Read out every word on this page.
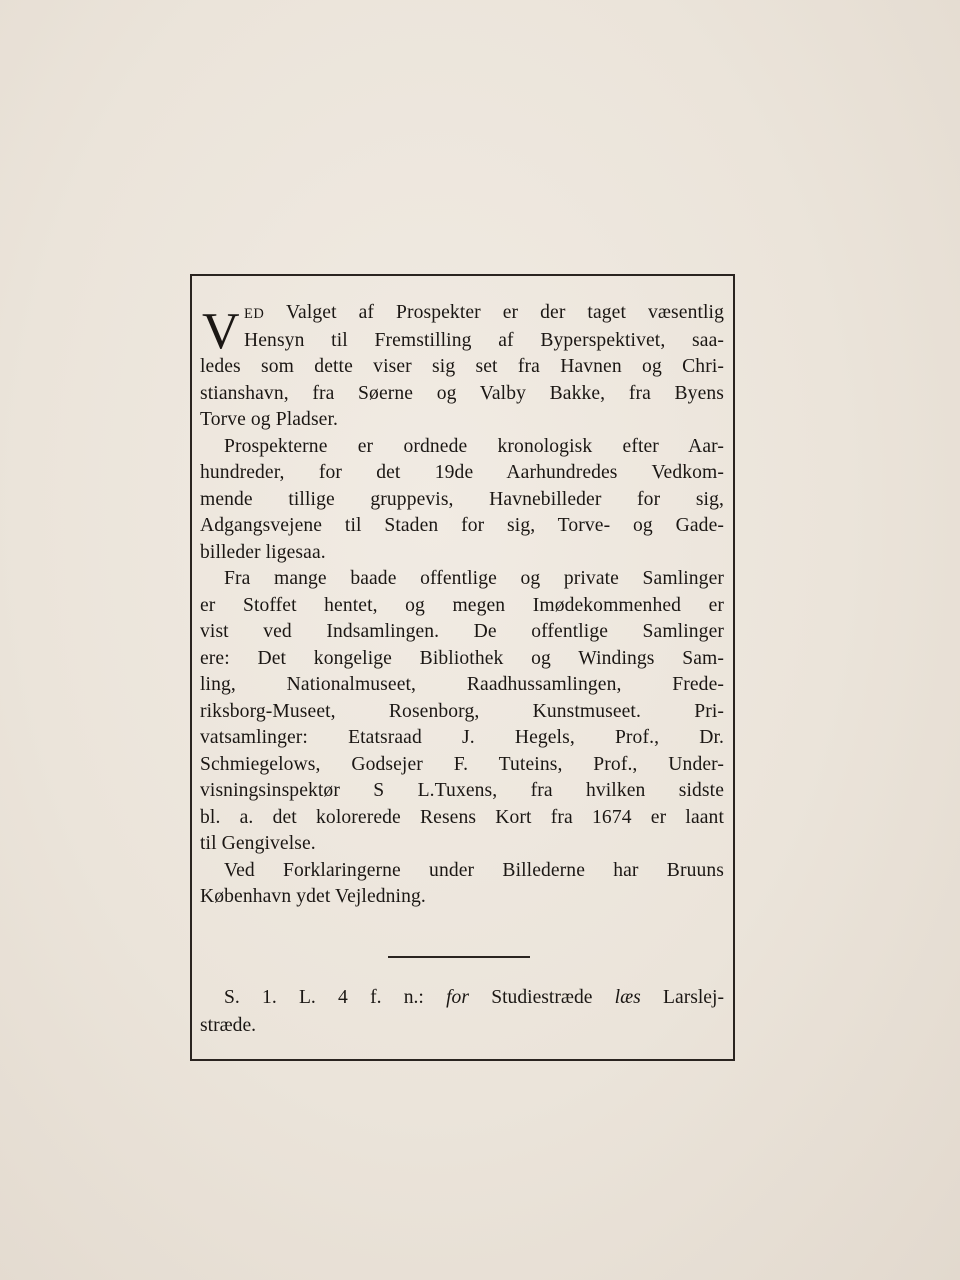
V ED Valget af Prospekter er der taget væsentlig
Hensyn til Fremstilling af Byperspektivet, saa-
ledes som dette viser sig set fra Havnen og Chri-
stianshavn, fra Søerne og Valby Bakke, fra Byens
Torve og Pladser.

Prospekterne er ordnede kronologisk efter Aar-
hundreder, for det 19de Aarhundredes Vedkom-
mende tillige gruppevis, Havnebilleder for sig,
Adgangsvejene til Staden for sig, Torve- og Gade-
billeder ligesaa.

Fra mange baade offentlige og private Samlinger
er Stoffet hentet, og megen Imødekommenhed er
vist ved Indsamlingen. De offentlige Samlinger
ere: Det kongelige Bibliothek og Windings Sam-
ling, Nationalmuseet, Raadhussamlingen, Frede-
riksborg-Museet, Rosenborg, Kunstmuseet. Pri-
vatsamlinger: Etatsraad J. Hegels, Prof., Dr.
Schmiegelows, Godsejer F. Tuteins, Prof., Under-
visningsinspektør S L.Tuxens, fra hvilken sidste
bl. a. det kolorerede Resens Kort fra 1674 er laant
til Gengivelse.

Ved Forklaringerne under Billederne har Bruuns
København ydet Vejledning.

S. 1. L. 4 f. n.: for Studiestræde læs Larslej-
stræde.
